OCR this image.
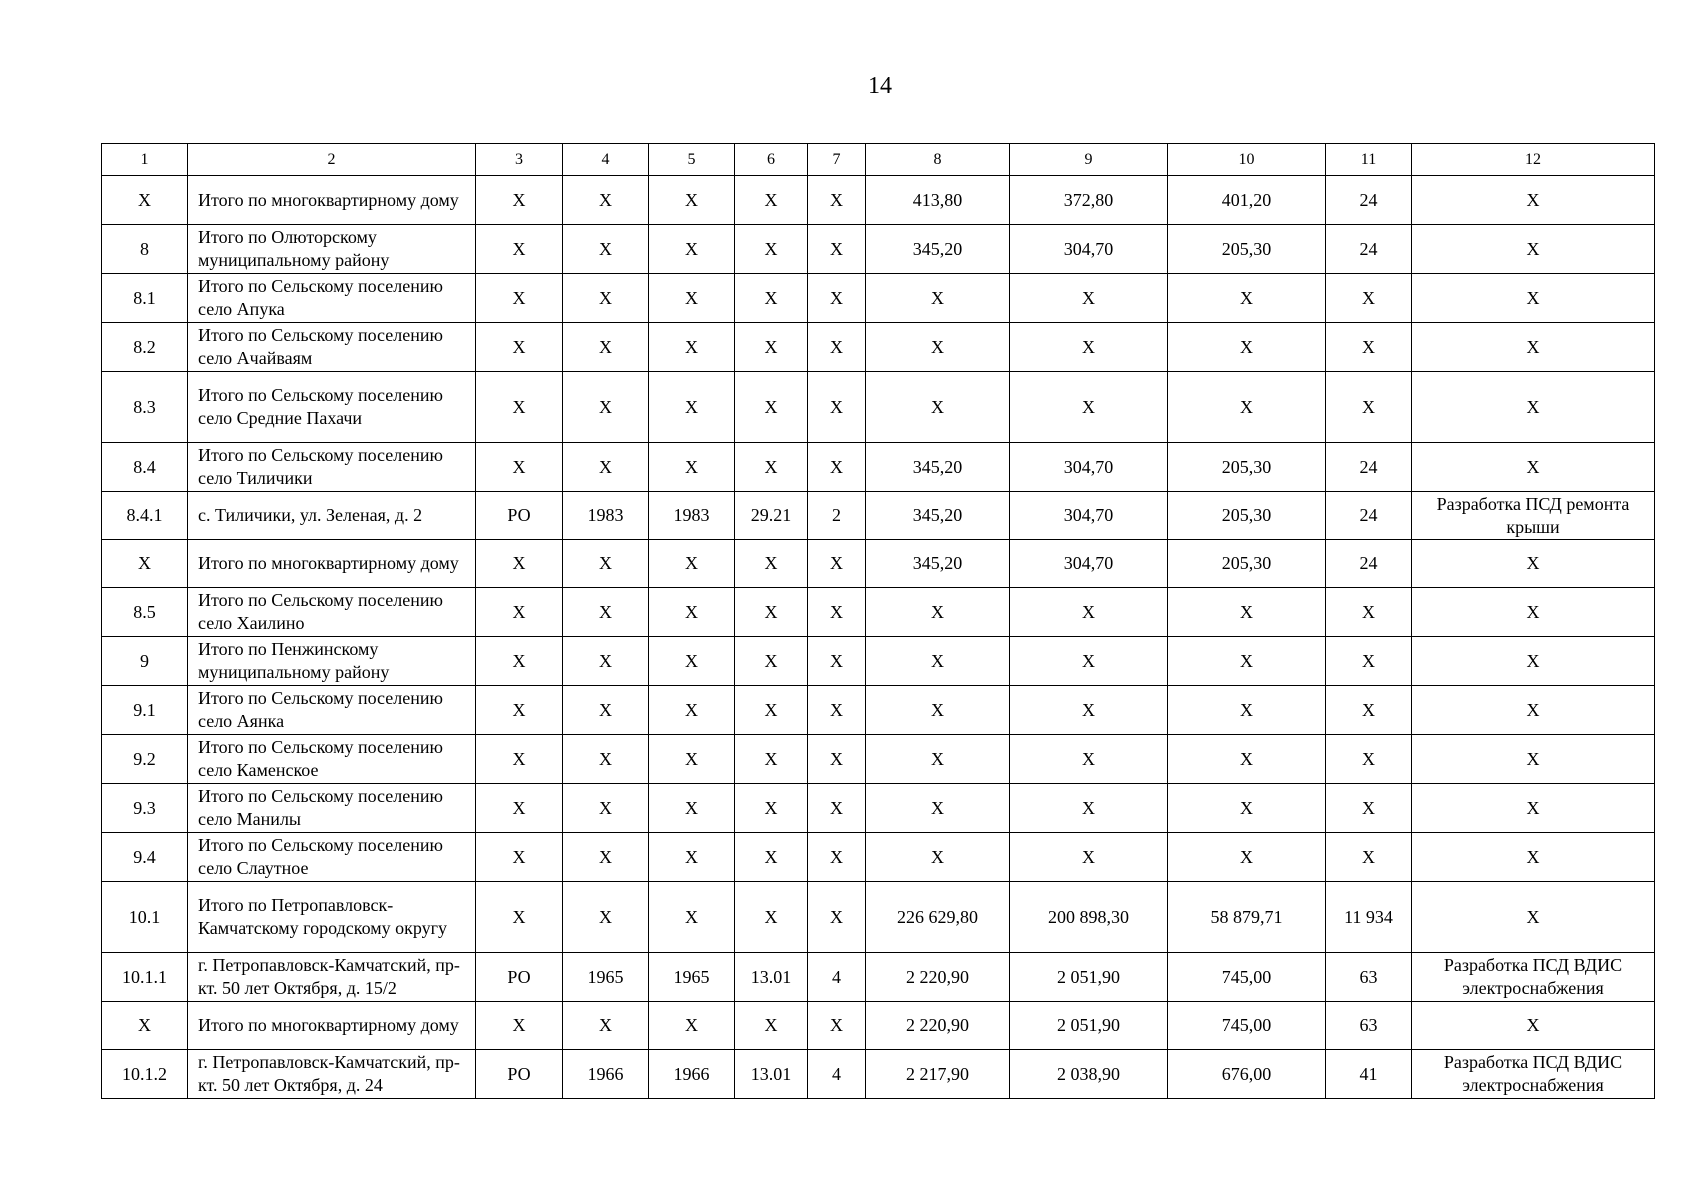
14
1	2	3	4	5	6	7	8	9	10	11	12
X	Итого по многоквартирному дому	X	X	X	X	X	413,80	372,80	401,20	24	X
8	Итого по Олюторскому муниципальному району	X	X	X	X	X	345,20	304,70	205,30	24	X
8.1	Итого по Сельскому поселению село Апука	X	X	X	X	X	X	X	X	X	X
8.2	Итого по Сельскому поселению село Ачайваям	X	X	X	X	X	X	X	X	X	X
8.3	Итого по Сельскому поселению село Средние Пахачи	X	X	X	X	X	X	X	X	X	X
8.4	Итого по Сельскому поселению село Тиличики	X	X	X	X	X	345,20	304,70	205,30	24	X
8.4.1	с. Тиличики, ул. Зеленая, д. 2	РО	1983	1983	29.21	2	345,20	304,70	205,30	24	Разработка ПСД ремонта крыши
X	Итого по многоквартирному дому	X	X	X	X	X	345,20	304,70	205,30	24	X
8.5	Итого по Сельскому поселению село Хаилино	X	X	X	X	X	X	X	X	X	X
9	Итого по Пенжинскому муниципальному району	X	X	X	X	X	X	X	X	X	X
9.1	Итого по Сельскому поселению село Аянка	X	X	X	X	X	X	X	X	X	X
9.2	Итого по Сельскому поселению село Каменское	X	X	X	X	X	X	X	X	X	X
9.3	Итого по Сельскому поселению село Манилы	X	X	X	X	X	X	X	X	X	X
9.4	Итого по Сельскому поселению село Слаутное	X	X	X	X	X	X	X	X	X	X
10.1	Итого по Петропавловск-Камчатскому городскому округу	X	X	X	X	X	226 629,80	200 898,30	58 879,71	11 934	X
10.1.1	г. Петропавловск-Камчатский, пр-кт. 50 лет Октября, д. 15/2	РО	1965	1965	13.01	4	2 220,90	2 051,90	745,00	63	Разработка ПСД ВДИС электроснабжения
X	Итого по многоквартирному дому	X	X	X	X	X	2 220,90	2 051,90	745,00	63	X
10.1.2	г. Петропавловск-Камчатский, пр-кт. 50 лет Октября, д. 24	РО	1966	1966	13.01	4	2 217,90	2 038,90	676,00	41	Разработка ПСД ВДИС электроснабжения
